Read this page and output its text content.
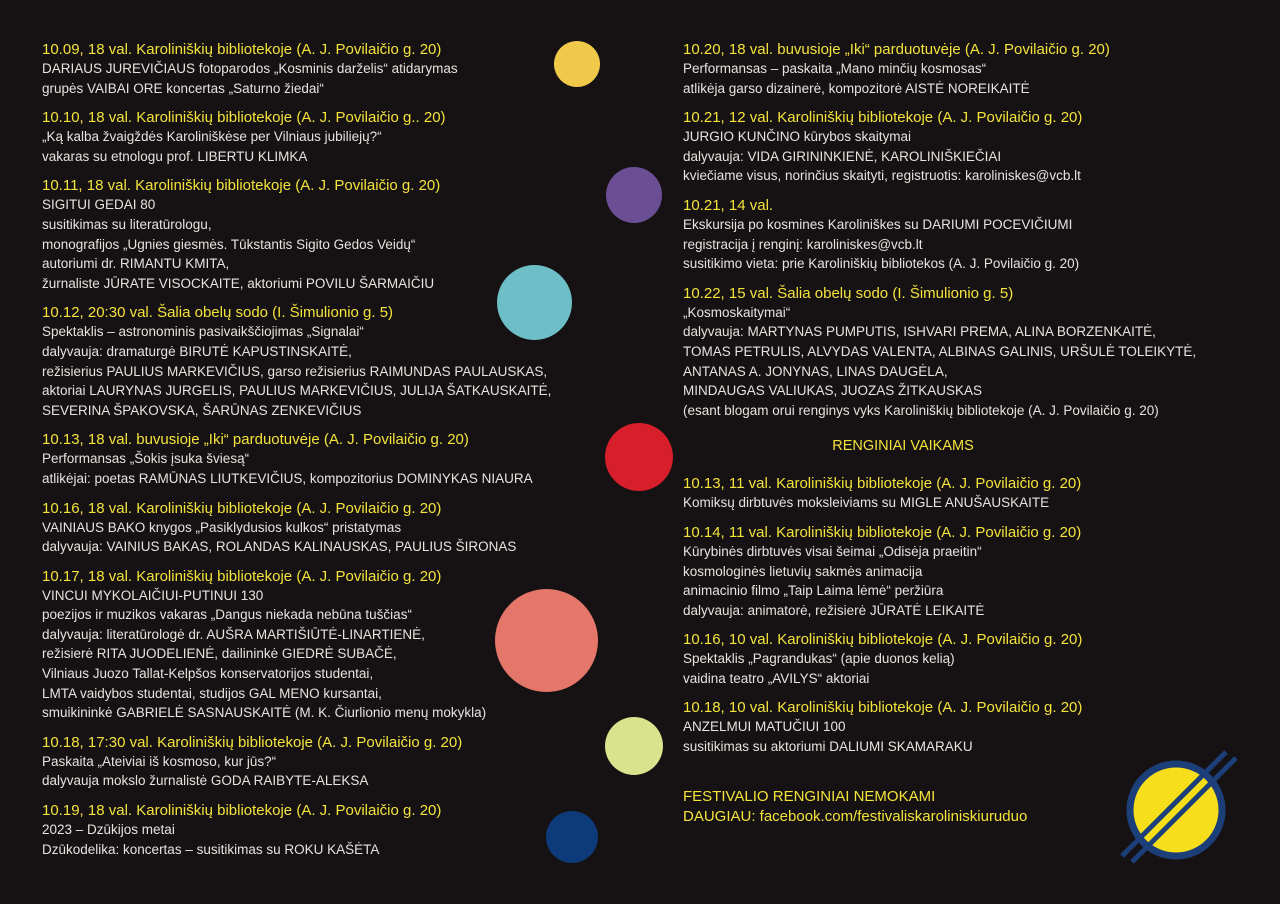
10.09, 18 val. Karoliniškių bibliotekoje (A. J. Povilaičio g. 20)
DARIAUS JUREVIČIAUS fotoparodos „Kosminis darželis“ atidarymas
grupės VAIBAI ORE koncertas „Saturno žiedai“
10.10, 18 val. Karoliniškių bibliotekoje (A. J. Povilaičio g.. 20)
„Ką kalba žvaigždės Karoliniškėse per Vilniaus jubiliejų?“
vakaras su etnologu prof. LIBERTU KLIMKA
10.11, 18 val. Karoliniškių bibliotekoje (A. J. Povilaičio g. 20)
SIGITUI GEDAI 80
susitikimas su literatūrologu,
monografijos „Ugnies giesmės. Tūkstantis Sigito Gedos Veidų“
autoriumi dr. RIMANTU KMITA,
žurnaliste JŪRATE VISOCKAITE, aktoriumi POVILU ŠARMAIČIU
10.12, 20:30 val. Šalia obelų sodo (I. Šimulionio g. 5)
Spektaklis – astronominis pasivaikščiojimas „Signalai“
dalyvauja: dramaturgė BIRUTĖ KAPUSTINSKAITĖ,
režisierius PAULIUS MARKEVIČIUS, garso režisierius RAIMUNDAS PAULAUSKAS,
aktoriai LAURYNAS JURGELIS, PAULIUS MARKEVIČIUS, JULIJA ŠATKAUSKAITĖ,
SEVERINA ŠPAKOVSKA, ŠARŪNAS ZENKEVIČIUS
10.13, 18 val. buvusioje „Iki“ parduotuvėje (A. J. Povilaičio g. 20)
Performansas „Šokis įsuka šviesą“
atlikėjai: poetas RAMŪNAS LIUTKEVIČIUS, kompozitorius DOMINYKAS NIAURA
10.16, 18 val. Karoliniškių bibliotekoje (A. J. Povilaičio g. 20)
VAINIAUS BAKO knygos „Pasiklydusios kulkos“ pristatymas
dalyvauja: VAINIUS BAKAS, ROLANDAS KALINAUSKAS, PAULIUS ŠIRONAS
10.17, 18 val. Karoliniškių bibliotekoje (A. J. Povilaičio g. 20)
VINCUI MYKOLAIČIUI-PUTINUI 130
poezijos ir muzikos vakaras „Dangus niekada nebūna tuščias“
dalyvauja: literatūrologė dr. AUŠRA MARTIŠIŪTĖ-LINARTIENĖ,
režisierė RITA JUODELIENĖ, dailininkė GIEDRĖ SUBAČĖ,
Vilniaus Juozo Tallat-Kelpšos konservatorijos studentai,
LMTA vaidybos studentai, studijos GAL MENO kursantai,
smuikininkė GABRIELĖ SASNAUSKAITĖ (M. K. Čiurlionio menų mokykla)
10.18, 17:30 val. Karoliniškių bibliotekoje (A. J. Povilaičio g. 20)
Paskaita „Ateiviai iš kosmoso, kur jūs?“
dalyvauja mokslo žurnalistė GODA RAIBYTE-ALEKSA
10.19, 18 val. Karoliniškių bibliotekoje (A. J. Povilaičio g. 20)
2023 – Dzūkijos metai
Dzūkodelika: koncertas – susitikimas su ROKU KAŠĖTA
10.20, 18 val. buvusioje „Iki“ parduotuvėje (A. J. Povilaičio g. 20)
Performansas – paskaita „Mano minčių kosmosas“
atlikėja garso dizainerė, kompozitorė AISTĖ NOREIKAITĖ
10.21, 12 val. Karoliniškių bibliotekoje (A. J. Povilaičio g. 20)
JURGIO KUNČINO kūrybos skaitymai
dalyvauja: VIDA GIRININKIENĖ, KAROLINIŠKIEČIAI
kviečiame visus, norinčius skaityti, registruotis: karoliniskes@vcb.lt
10.21, 14 val.
Ekskursija po kosmines Karoliniškes su DARIUMI POCEVIČIUMI
registracija į renginį: karoliniskes@vcb.lt
susitikimo vieta: prie Karoliniškių bibliotekos (A. J. Povilaičio g. 20)
10.22, 15 val. Šalia obelų sodo (I. Šimulionio g. 5)
„Kosmoskaitymai“
dalyvauja: MARTYNAS PUMPUTIS, ISHVARI PREMA, ALINA BORZENKAITĖ,
TOMAS PETRULIS, ALVYDAS VALENTA, ALBINAS GALINIS, URŠULĖ TOLEIKYTĖ,
ANTANAS A. JONYNAS, LINAS DAUGĖLA,
MINDAUGAS VALIUKAS, JUOZAS ŽITKAUSKAS
(esant blogam orui renginys vyks Karoliniškių bibliotekoje (A. J. Povilaičio g. 20)
RENGINIAI VAIKAMS
10.13, 11 val. Karoliniškių bibliotekoje (A. J. Povilaičio g. 20)
Komiksų dirbtuvės moksleiviams su MIGLE ANUŠAUSKAITE
10.14, 11 val. Karoliniškių bibliotekoje (A. J. Povilaičio g. 20)
Kūrybinės dirbtuvės visai šeimai „Odisėja praeitin“
kosmologinės lietuvių sakmės animacija
animacinio filmo „Taip Laima lėmė“ peržiūra
dalyvauja: animatorė, režisierė JŪRATĖ LEIKAITĖ
10.16, 10 val. Karoliniškių bibliotekoje (A. J. Povilaičio g. 20)
Spektaklis „Pagrandukas“ (apie duonos kelią)
vaidina teatro „AVILYS“ aktoriai
10.18, 10 val. Karoliniškių bibliotekoje (A. J. Povilaičio g. 20)
ANZELMUI MATUČIUI 100
susitikimas su aktoriumi DALIUMI SKAMARAKU
FESTIVALIO RENGINIAI NEMOKAMI
DAUGIAU: facebook.com/festivaliskaroliniskiuruduo
